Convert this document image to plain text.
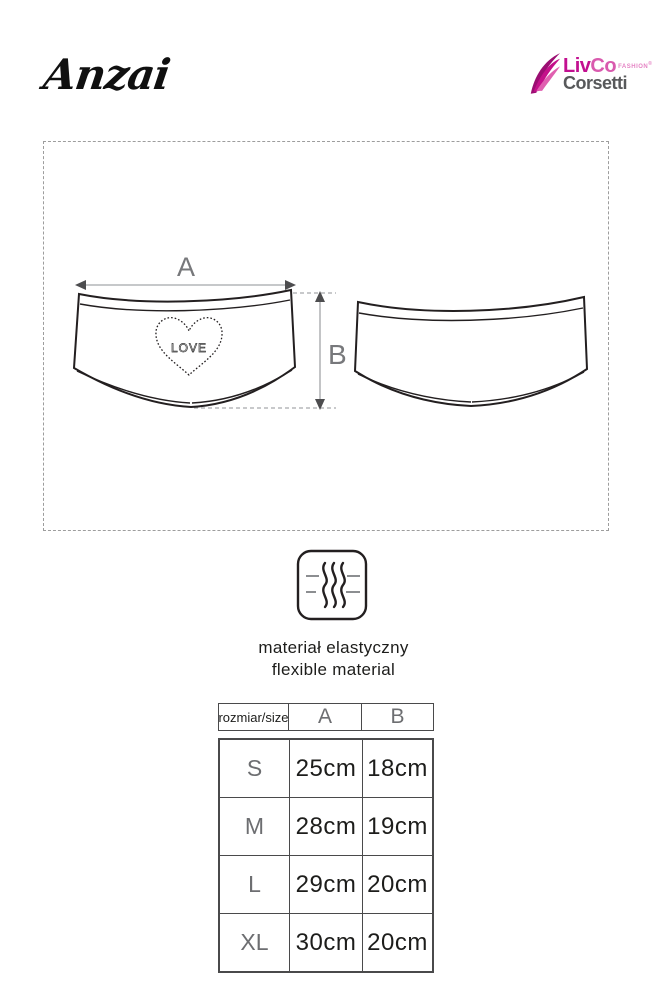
Anzai	Liv Co FASHION®
Corsetti
A
B
LOVE
materiał elastyczny
flexible material
rozmiar/size	A	B
S	25cm 18cm
M	28cm 19cm
L	29cm 20cm
XL	30cm 20cm
